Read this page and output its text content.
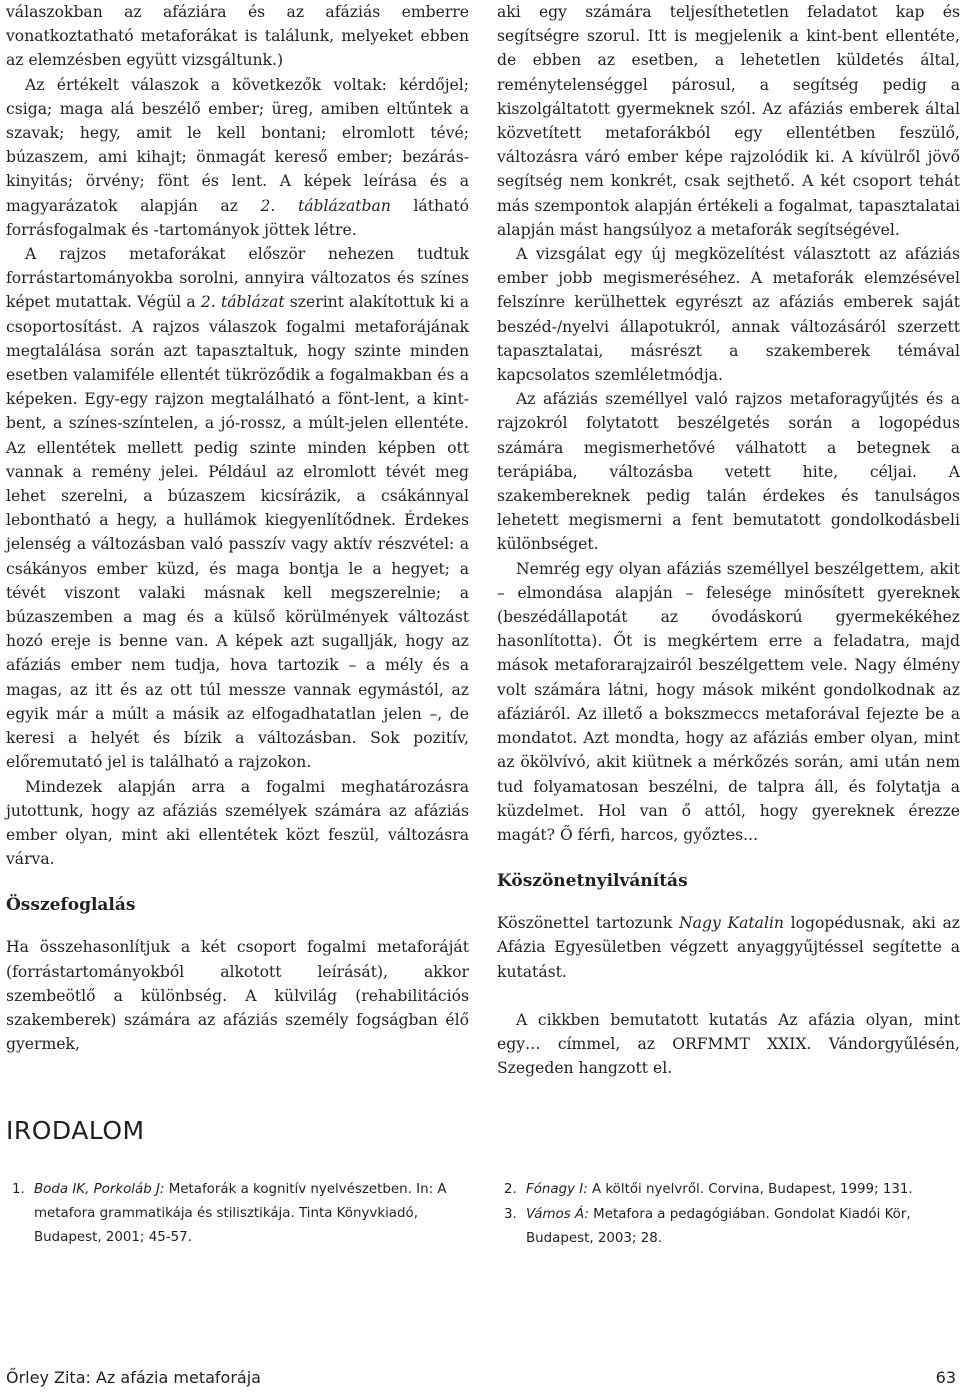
válaszokban az afáziára és az afáziás emberre vonatkoztatható metaforákat is találunk, melyeket ebben az elemzésben együtt vizsgáltunk.)

Az értékelt válaszok a következők voltak: kérdőjel; csiga; maga alá beszélő ember; üreg, amiben eltűntek a szavak; hegy, amit le kell bontani; elromlott tévé; búzaszem, ami kihajt; önmagát kereső ember; bezárás-kinyitás; örvény; fönt és lent. A képek leírása és a magyarázatok alapján az 2. táblázatban látható forrásfogalmak és -tartományok jöttek létre.

A rajzos metaforákat először nehezen tudtuk forrástartományokba sorolni, annyira változatos és színes képet mutattak. Végül a 2. táblázat szerint alakítottuk ki a csoportosítást. A rajzos válaszok fogalmi metaforájának megtalálása során azt tapasztaltuk, hogy szinte minden esetben valamiféle ellentét tükröződik a fogalmakban és a képeken. Egy-egy rajzon megtalálható a fönt-lent, a kint-bent, a színes-színtelen, a jó-rossz, a múlt-jelen ellentéte. Az ellentétek mellett pedig szinte minden képben ott vannak a remény jelei. Például az elromlott tévét meg lehet szerelni, a búzaszem kicsírázik, a csákánnyal lebontható a hegy, a hullámok kiegyenlítődnek. Érdekes jelenség a változásban való passzív vagy aktív részvétel: a csákányos ember küzd, és maga bontja le a hegyet; a tévét viszont valaki másnak kell megszerelnie; a búzaszemben a mag és a külső körülmények változást hozó ereje is benne van. A képek azt sugallják, hogy az afáziás ember nem tudja, hova tartozik – a mély és a magas, az itt és az ott túl messze vannak egymástól, az egyik már a múlt a másik az elfogadhatatlan jelen –, de keresi a helyét és bízik a változásban. Sok pozitív, előremutató jel is található a rajzokon.

Mindezek alapján arra a fogalmi meghatározásra jutottunk, hogy az afáziás személyek számára az afáziás ember olyan, mint aki ellentétek közt feszül, változásra várva.

Összefoglalás

Ha összehasonlítjuk a két csoport fogalmi metaforáját (forrástartományokból alkotott leírását), akkor szembeötlő a különbség. A külvilág (rehabilitációs szakemberek) számára az afáziás személy fogságban élő gyermek,

aki egy számára teljesíthetetlen feladatot kap és segítségre szorul. Itt is megjelenik a kint-bent ellentéte, de ebben az esetben, a lehetetlen küldetés által, reménytelenséggel párosul, a segítség pedig a kiszolgáltatott gyermeknek szól. Az afáziás emberek által közvetített metaforákból egy ellentétben feszülő, változásra váró ember képe rajzolódik ki. A kívülről jövő segítség nem konkrét, csak sejthető. A két csoport tehát más szempontok alapján értékeli a fogalmat, tapasztalatai alapján mást hangsúlyoz a metaforák segítségével.

A vizsgálat egy új megközelítést választott az afáziás ember jobb megismeréséhez. A metaforák elemzésével felszínre kerülhettek egyrészt az afáziás emberek saját beszéd-/nyelvi állapotukról, annak változásáról szerzett tapasztalatai, másrészt a szakemberek témával kapcsolatos szemléletmódja.

Az afáziás személlyel való rajzos metaforagyűjtés és a rajzokról folytatott beszélgetés során a logopédus számára megismerhetővé válhatott a betegnek a terápiába, változásba vetett hite, céljai. A szakembereknek pedig talán érdekes és tanulságos lehetett megismerni a fent bemutatott gondolkodásbeli különbséget.

Nemrég egy olyan afáziás személlyel beszélgettem, akit – elmondása alapján – felesége minősített gyereknek (beszédállapotát az óvodáskorú gyermekékéhez hasonlította). Őt is megkértem erre a feladatra, majd mások metaforarajzairól beszélgettem vele. Nagy élmény volt számára látni, hogy mások miként gondolkodnak az afáziáról. Az illető a bokszmeccs metaforával fejezte be a mondatot. Azt mondta, hogy az afáziás ember olyan, mint az ökölvívó, akit kiütnek a mérkőzés során, ami után nem tud folyamatosan beszélni, de talpra áll, és folytatja a küzdelmet. Hol van ő attól, hogy gyereknek érezze magát? Ő férfi, harcos, győztes...

Köszönetnyilvánítás

Köszönettel tartozunk Nagy Katalin logopédusnak, aki az Afázia Egyesületben végzett anyaggyűjtéssel segítette a kutatást.

A cikkben bemutatott kutatás Az afázia olyan, mint egy… címmel, az ORFMMT XXIX. Vándorgyűlésén, Szegeden hangzott el.

IRODALOM
1. Boda IK, Porkoláb J: Metaforák a kognitív nyelvészetben. In: A metafora grammatikája és stilisztikája. Tinta Könyvkiadó, Budapest, 2001; 45-57.
2. Fónagy I: A költői nyelvről. Corvina, Budapest, 1999; 131.
3. Vámos Á: Metafora a pedagógiában. Gondolat Kiadói Kör, Budapest, 2003; 28.
Őrley Zita: Az afázia metaforája	63
